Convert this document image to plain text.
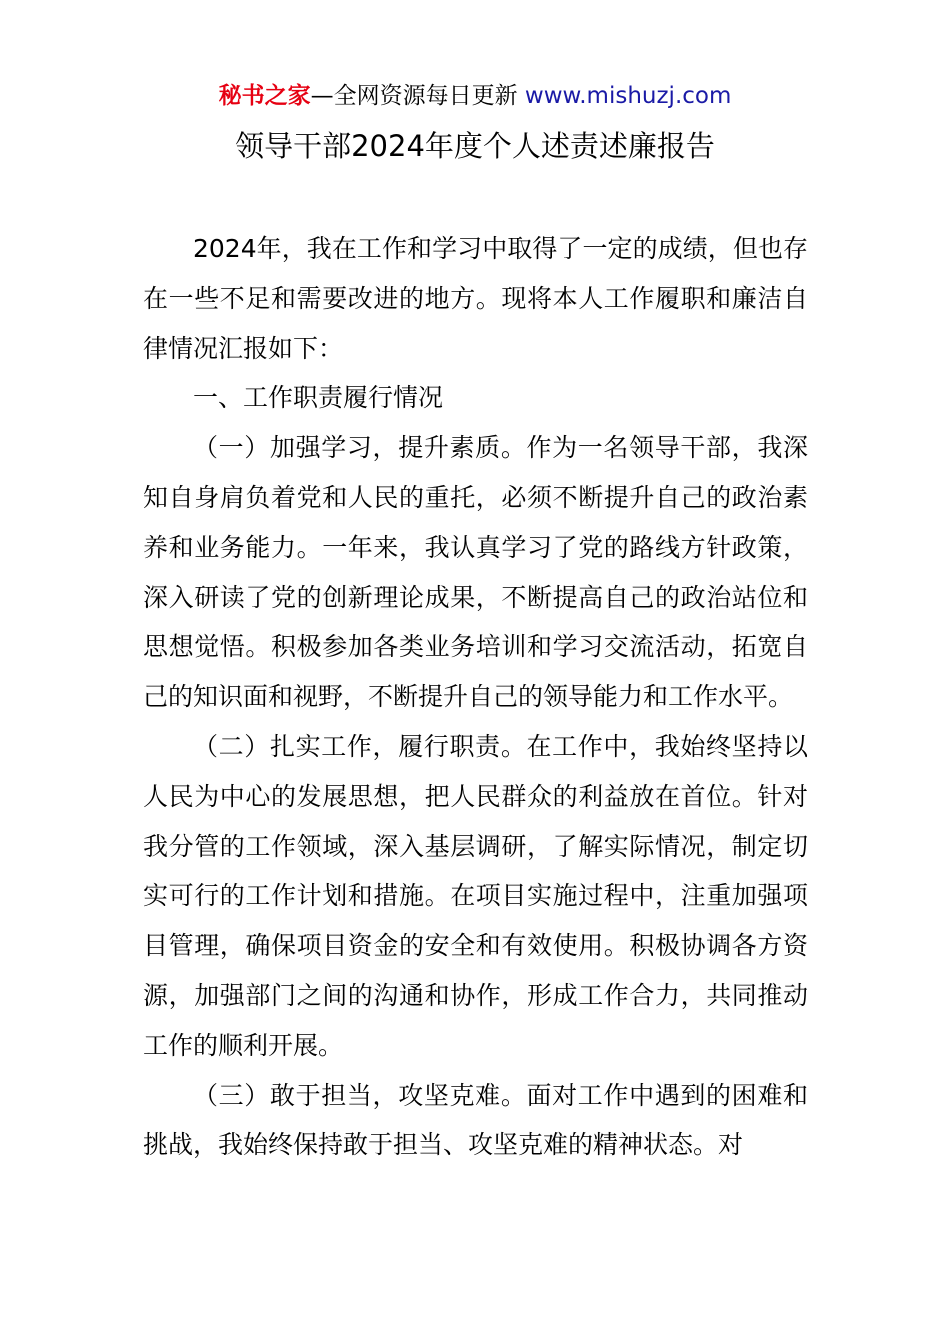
秘书之家—全网资源每日更新 www.mishuzj.com
领导干部2024年度个人述责述廉报告

2024年，我在工作和学习中取得了一定的成绩，但也存在一些不足和需要改进的地方。现将本人工作履职和廉洁自律情况汇报如下：

一、工作职责履行情况

（一）加强学习，提升素质。作为一名领导干部，我深知自身肩负着党和人民的重托，必须不断提升自己的政治素养和业务能力。一年来，我认真学习了党的路线方针政策，深入研读了党的创新理论成果，不断提高自己的政治站位和思想觉悟。积极参加各类业务培训和学习交流活动，拓宽自己的知识面和视野，不断提升自己的领导能力和工作水平。

（二）扎实工作，履行职责。在工作中，我始终坚持以人民为中心的发展思想，把人民群众的利益放在首位。针对我分管的工作领域，深入基层调研，了解实际情况，制定切实可行的工作计划和措施。在项目实施过程中，注重加强项目管理，确保项目资金的安全和有效使用。积极协调各方资源，加强部门之间的沟通和协作，形成工作合力，共同推动工作的顺利开展。

（三）敢于担当，攻坚克难。面对工作中遇到的困难和挑战，我始终保持敢于担当、攻坚克难的精神状态。对
